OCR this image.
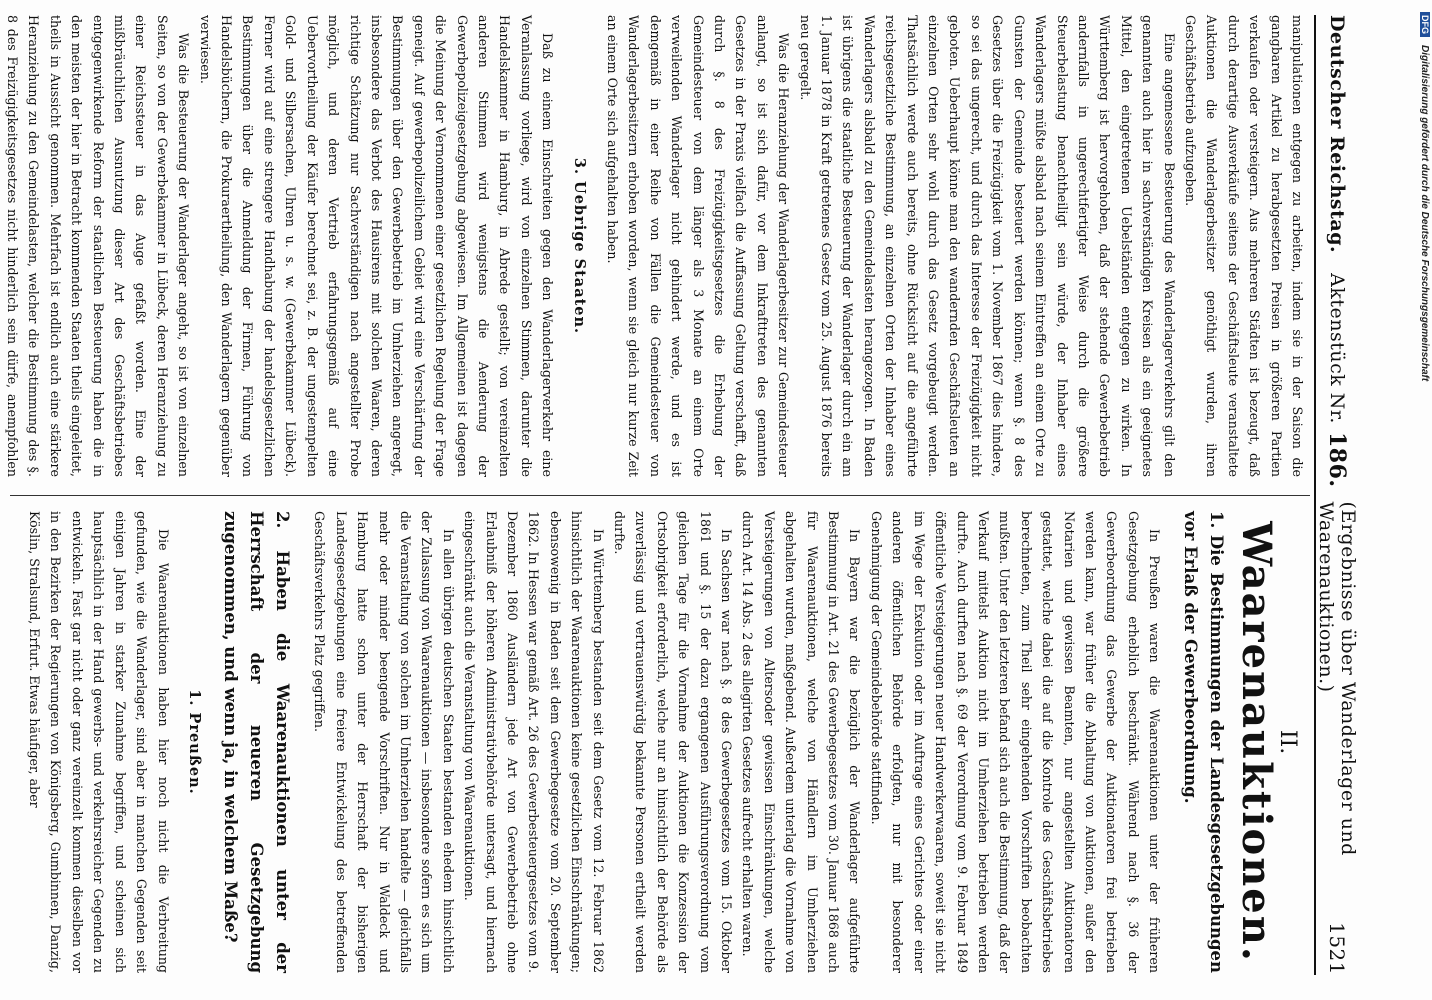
Deutscher Reichstag.
Aktenstück Nr.
186.
(Ergebnisse über Wanderlager und Waarenauktionen.)
1521

manipulationen entgegen zu arbeiten, indem sie in der Saison die gangbaren Artikel zu herabgesetzten Preisen in größeren Partien verkaufen oder versteigern. Aus mehreren Städten ist bezeugt, daß durch derartige Ausverkäufe seitens der Geschäftsleute veranstaltete Auktionen die Wanderlagerbesitzer genöthigt wurden, ihren Geschäftsbetrieb aufzugeben.

Eine angemessene Besteuerung des Wanderlagerverkehrs gilt den genannten auch hier in sachverständigen Kreisen als ein geeignetes Mittel, den eingetretenen Uebelständen entgegen zu wirken. In Württemberg ist hervorgehoben, daß der stehende Gewerbebetrieb andernfalls in ungerechtfertigter Weise durch die größere Steuerbelastung benachtheiligt sein würde, der Inhaber eines Wanderlagers müßte alsbald nach seinem Eintreffen an einem Orte zu Gunsten der Gemeinde besteuert werden können; wenn §. 8 des Gesetzes über die Freizügigkeit vom 1. November 1867 dies hindere, so sei das ungerecht, und durch das Interesse der Freizügigkeit nicht geboten. Ueberhaupt könne man den wandernden Geschäftsleuten an einzelnen Orten sehr wohl durch das Gesetz vorgebeugt werden. Thatsächlich werde auch bereits, ohne Rücksicht auf die angeführte reichsgesetzliche Bestimmung, an einzelnen Orten der Inhaber eines Wanderlagers alsbald zu den Gemeindelasten herangezogen. In Baden ist übrigens die staatliche Besteuerung der Wanderlager durch ein am 1. Januar 1878 in Kraft getretenes Gesetz vom 25. August 1876 bereits neu geregelt.

Was die Heranziehung der Wanderlagerbesitzer zur Gemeindesteuer anlangt, so ist sich dafür, vor dem Inkrafttreten des genannten Gesetzes in der Praxis vielfach die Auffassung Geltung verschafft, daß durch §. 8 des Freizügigkeitsgesetzes die Erhebung der Gemeindesteuer von dem länger als 3 Monate an einem Orte verweilenden Wanderlager nicht gehindert werde, und es ist demgemäß in einer Reihe von Fällen die Gemeindesteuer von Wanderlagerbesitzern erhoben worden, wenn sie gleich nur kurze Zeit an einem Orte sich aufgehalten haben.

3. Uebrige Staaten.

Daß zu einem Einschreiten gegen den Wanderlagerverkehr eine Veranlassung vorliege, wird von einzelnen Stimmen, darunter die Handelskammer in Hamburg, in Abrede gestellt; von vereinzelten anderen Stimmen wird wenigstens die Aenderung der Gewerbepolizeigesetzgebung abgewiesen. Im Allgemeinen ist dagegen die Meinung der Vernommenen einer gesetzlichen Regelung der Frage geneigt. Auf gewerbepolizeilichem Gebiet wird eine Verschärfung der Bestimmungen über den Gewerbebetrieb im Umherziehen angeregt, insbesondere das Verbot des Hausirens mit solchen Waaren, deren richtige Schätzung nur Sachverständigen nach angestellter Probe möglich, und deren Vertrieb erfahrungsgemäß auf eine Uebervortheilung der Käufer berechnet sei, z. B. der ungestempelten Gold- und Silbersachen, Uhren u. s. w. (Gewerbekammer Lübeck). Ferner wird auf eine strengere Handhabung der handelsgesetzlichen Bestimmungen über die Anmeldung der Firmen, Führung von Handelsbüchern, die Prokuraertheilung, den Wanderlagern gegenüber verwiesen.

Was die Besteuerung der Wanderlager angeht, so ist von einzelnen Seiten, so von der Gewerbekammer in Lübeck, deren Heranziehung zu einer Reichssteuer in das Auge gefaßt worden. Eine der mißbräuchlichen Ausnutzung dieser Art des Geschäftsbetriebes entgegenwirkende Reform der staatlichen Besteuerung haben die in den meisten der hier in Betracht kommenden Staaten theils eingeleitet, theils in Aussicht genommen. Mehrfach ist endlich auch eine stärkere Heranziehung zu den Gemeindelasten, welcher die Bestimmung des §. 8 des Freizügigkeitsgesetzes nicht hinderlich sein dürfe, anempfohlen

II.
Waarenauktionen.
1. Die Bestimmungen der Landesgesetzgebungen vor Erlaß der Gewerbeordnung.

In Preußen waren die Waarenauktionen unter der früheren Gesetzgebung erheblich beschränkt. Während nach §. 36 der Gewerbeordnung das Gewerbe der Auktionatoren frei betrieben werden kann, war früher die Abhaltung von Auktionen, außer den Notarien und gewissen Beamten, nur angestellten Auktionatoren gestattet, welche dabei die auf die Kontrole des Geschäftsbetriebes berechneten, zum Theil sehr eingehenden Vorschriften beobachten mußten. Unter den letzteren befand sich auch die Bestimmung, daß der Verkauf mittelst Auktion nicht im Umherziehen betrieben werden durfte. Auch durften nach §. 69 der Verordnung vom 9. Februar 1849 öffentliche Versteigerungen neuer Handwerkerwaaren, soweit sie nicht im Wege der Exekution oder im Auftrage eines Gerichtes oder einer anderen öffentlichen Behörde erfolgten, nur mit besonderer Genehmigung der Gemeindebehörde stattfinden.

In Bayern war die bezüglich der Wanderlager aufgeführte Bestimmung in Art. 21 des Gewerbegesetzes vom 30. Januar 1868 auch für Waarenauktionen, welche von Händlern im Umherziehen abgehalten wurden, maßgebend. Außerdem unterlag die Vornahme von Versteigerungen von Altersoder gewissen Einschränkungen, welche durch Art. 14 Abs. 2 des allegirten Gesetzes aufrecht erhalten waren.

In Sachsen war nach §. 8 des Gewerbegesetzes vom 15. Oktober 1861 und §. 15 der dazu ergangenen Ausführungsverordnung vom gleichen Tage für die Vornahme der Auktionen die Konzession der Ortsobrigkeit erforderlich, welche nur an hinsichtlich der Behörde als zuverlässig und vertrauenswürdig bekannte Personen ertheilt werden durfte.

In Württemberg bestanden seit dem Gesetz vom 12. Februar 1862 hinsichtlich der Waarenauktionen keine gesetzlichen Einschränkungen; ebensowenig in Baden seit dem Gewerbegesetze vom 20. September 1862. In Hessen war gemäß Art. 26 des Gewerbesteuergesetzes vom 9. Dezember 1860 Ausländern jede Art von Gewerbebetrieb ohne Erlaubniß der höheren Administrativbehörde untersagt, und hiernach eingeschränkt auch die Veranstaltung von Waarenauktionen.

In allen übrigen deutschen Staaten bestanden ehedem hinsichtlich der Zulassung von Waarenauktionen — insbesondere sofern es sich um die Veranstaltung von solchen im Umherziehen handelte — gleichfalls mehr oder minder beengende Vorschriften. Nur in Waldeck und Hamburg hatte schon unter der Herrschaft der bisherigen Landesgesetzgebungen eine freiere Entwickelung des betreffenden Geschäftsverkehrs Platz gegriffen.

2. Haben die Waarenauktionen unter der Herrschaft der neueren Gesetzgebung zugenommen, und wenn ja, in welchem Maße?
1. Preußen.

Die Waarenauktionen haben hier noch nicht die Verbreitung gefunden, wie die Wanderlager, sind aber in manchen Gegenden seit einigen Jahren in starker Zunahme begriffen, und scheinen sich hauptsächlich in der Hand gewerbs- und verkehrsreicher Gegenden zu entwickeln. Fast gar nicht oder ganz vereinzelt kommen dieselben vor in den Bezirken der Regierungen von Königsberg, Gumbinnen, Danzig, Köslin, Stralsund, Erfurt. Etwas häufiger, aber

DFGDigitalisierung gefördert durch die Deutsche Forschungsgemeinschaft
